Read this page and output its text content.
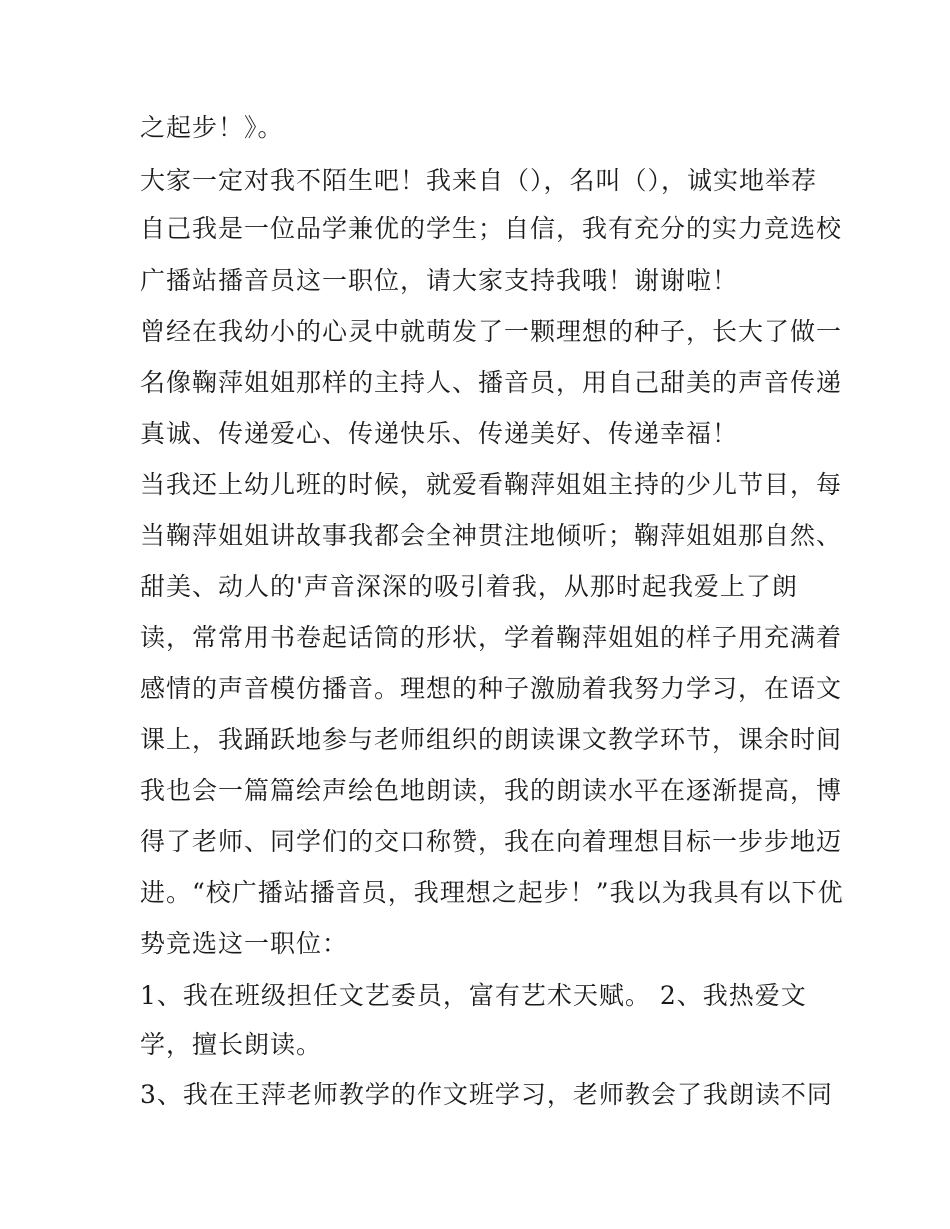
之起步！》。
大家一定对我不陌生吧！我来自（），名叫（），诚实地举荐
自己我是一位品学兼优的学生；自信，我有充分的实力竞选校
广播站播音员这一职位，请大家支持我哦！谢谢啦！
曾经在我幼小的心灵中就萌发了一颗理想的种子，长大了做一
名像鞠萍姐姐那样的主持人、播音员，用自己甜美的声音传递
真诚、传递爱心、传递快乐、传递美好、传递幸福！
当我还上幼儿班的时候，就爱看鞠萍姐姐主持的少儿节目，每
当鞠萍姐姐讲故事我都会全神贯注地倾听；鞠萍姐姐那自然、
甜美、动人的'声音深深的吸引着我，从那时起我爱上了朗
读，常常用书卷起话筒的形状，学着鞠萍姐姐的样子用充满着
感情的声音模仿播音。理想的种子激励着我努力学习，在语文
课上，我踊跃地参与老师组织的朗读课文教学环节，课余时间
我也会一篇篇绘声绘色地朗读，我的朗读水平在逐渐提高，博
得了老师、同学们的交口称赞，我在向着理想目标一步步地迈
进。“校广播站播音员，我理想之起步！”我以为我具有以下优
势竞选这一职位：
1、我在班级担任文艺委员，富有艺术天赋。 2、我热爱文
学，擅长朗读。
3、我在王萍老师教学的作文班学习，老师教会了我朗读不同
